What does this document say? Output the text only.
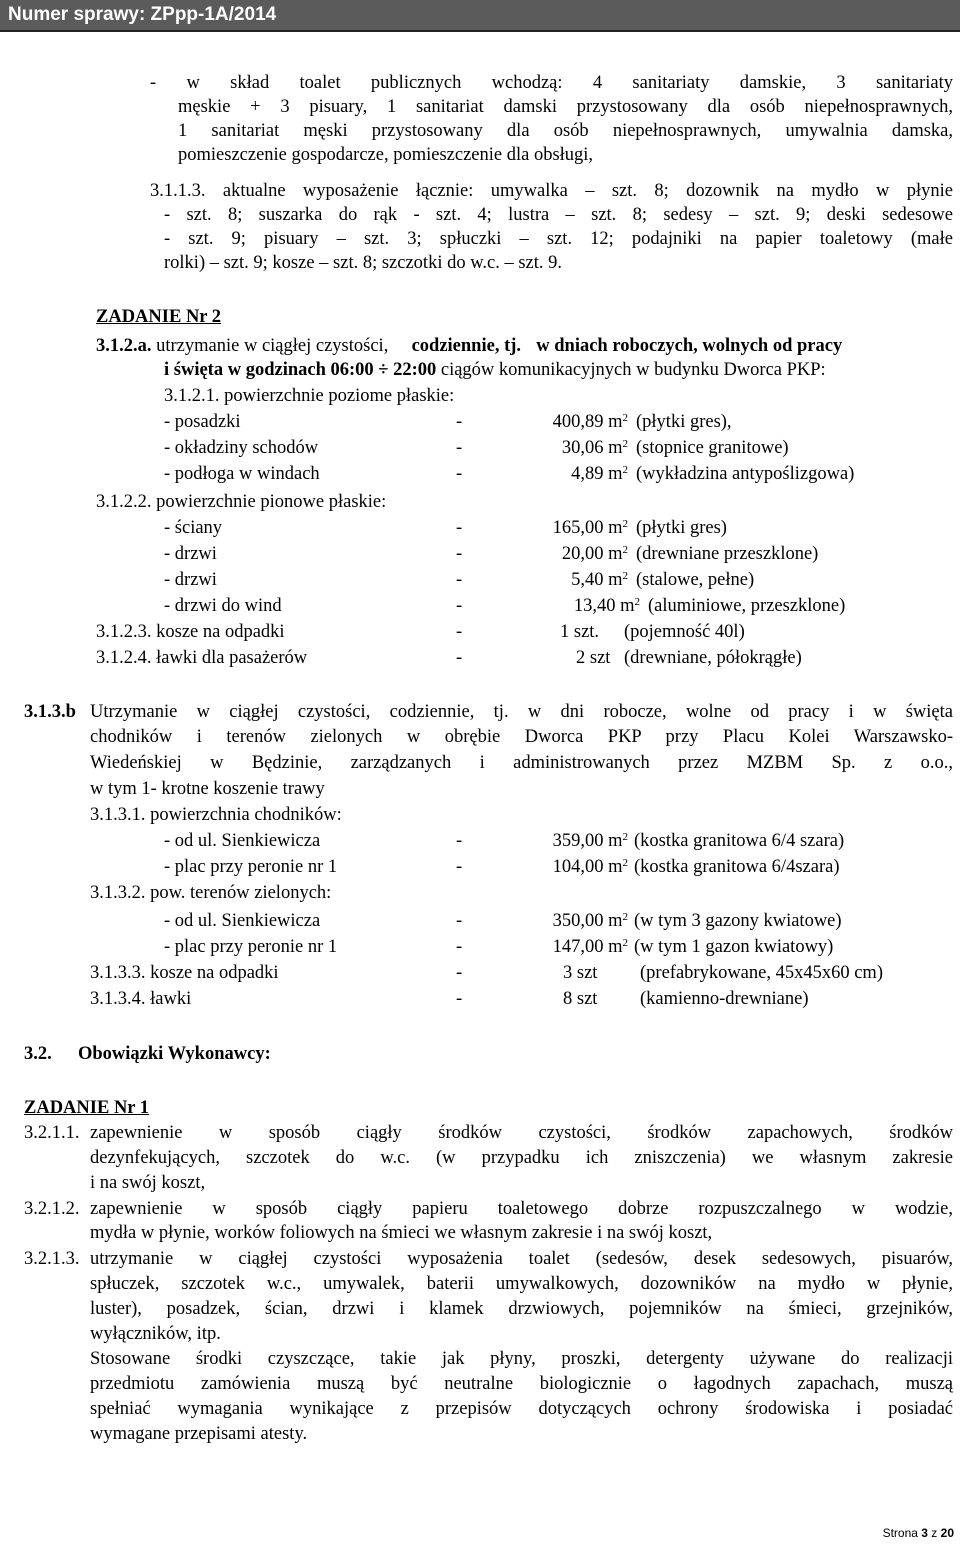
Numer sprawy: ZPpp-1A/2014
- w skład toalet publicznych wchodzą: 4 sanitariaty damskie, 3 sanitariaty
męskie + 3 pisuary, 1 sanitariat damski przystosowany dla osób niepełnosprawnych,
1 sanitariat męski przystosowany dla osób niepełnosprawnych, umywalnia damska,
pomieszczenie gospodarcze, pomieszczenie dla obsługi,
3.1.1.3. aktualne wyposażenie łącznie: umywalka – szt. 8; dozownik na mydło w płynie
- szt. 8; suszarka do rąk - szt. 4; lustra – szt. 8; sedesy – szt. 9; deski sedesowe
- szt. 9; pisuary – szt. 3; spłuczki – szt. 12; podajniki na papier toaletowy (małe
rolki) – szt. 9; kosze – szt. 8; szczotki do w.c. – szt. 9.
ZADANIE Nr 2
3.1.2.a. utrzymanie w ciągłej czystości, codziennie, tj. w dniach roboczych, wolnych od pracy
i święta w godzinach 06:00 ÷ 22:00 ciągów komunikacyjnych w budynku Dworca PKP:
3.1.2.1. powierzchnie poziome płaskie:
- posadzki	-	400,89 $m^2$ (płytki gres),
- okładziny schodów	-	30,06 $m^2$ (stopnice granitowe)
- podłoga w windach	-	4,89 $m^2$ (wykładzina antypoślizgowa)
3.1.2.2. powierzchnie pionowe płaskie:
- ściany	-	165,00 $m^2$ (płytki gres)
- drzwi	-	20,00 $m^2$ (drewniane przeszklone)
- drzwi	-	5,40 $m^2$ (stalowe, pełne)
- drzwi do wind	-	13,40 $m^2$ (aluminiowe, przeszklone)
3.1.2.3. kosze na odpadki	-	1 szt. (pojemność 40l)
3.1.2.4. ławki dla pasażerów	-	2 szt (drewniane, półokrągłe)
3.1.3.b Utrzymanie w ciągłej czystości, codziennie, tj. w dni robocze, wolne od pracy i w święta
chodników i terenów zielonych w obrębie Dworca PKP przy Placu Kolei Warszawsko-
Wiedeńskiej w Będzinie, zarządzanych i administrowanych przez MZBM Sp. z o.o.,
w tym 1- krotne koszenie trawy
3.1.3.1. powierzchnia chodników:
- od ul. Sienkiewicza	-	359,00 $m^2$ (kostka granitowa 6/4 szara)
- plac przy peronie nr 1	-	104,00 $m^2$ (kostka granitowa 6/4szara)
3.1.3.2. pow. terenów zielonych:
- od ul. Sienkiewicza	-	350,00 $m^2$ (w tym 3 gazony kwiatowe)
- plac przy peronie nr 1	-	147,00 $m^2$ (w tym 1 gazon kwiatowy)
3.1.3.3. kosze na odpadki	-	3 szt (prefabrykowane, 45x45x60 cm)
3.1.3.4. ławki	-	8 szt (kamienno-drewniane)
3.2. Obowiązki Wykonawcy:
ZADANIE Nr 1
3.2.1.1. zapewnienie w sposób ciągły środków czystości, środków zapachowych, środków
dezynfekujących, szczotek do w.c. (w przypadku ich zniszczenia) we własnym zakresie
i na swój koszt,
3.2.1.2. zapewnienie w sposób ciągły papieru toaletowego dobrze rozpuszczalnego w wodzie,
mydła w płynie, worków foliowych na śmieci we własnym zakresie i na swój koszt,
3.2.1.3. utrzymanie w ciągłej czystości wyposażenia toalet (sedesów, desek sedesowych, pisuarów,
spłuczek, szczotek w.c., umywalek, baterii umywalkowych, dozowników na mydło w płynie,
luster), posadzek, ścian, drzwi i klamek drzwiowych, pojemników na śmieci, grzejników,
wyłączników, itp.
Stosowane środki czyszczące, takie jak płyny, proszki, detergenty używane do realizacji
przedmiotu zamówienia muszą być neutralne biologicznie o łagodnych zapachach, muszą
spełniać wymagania wynikające z przepisów dotyczących ochrony środowiska i posiadać
wymagane przepisami atesty.
Strona 3 z 20
